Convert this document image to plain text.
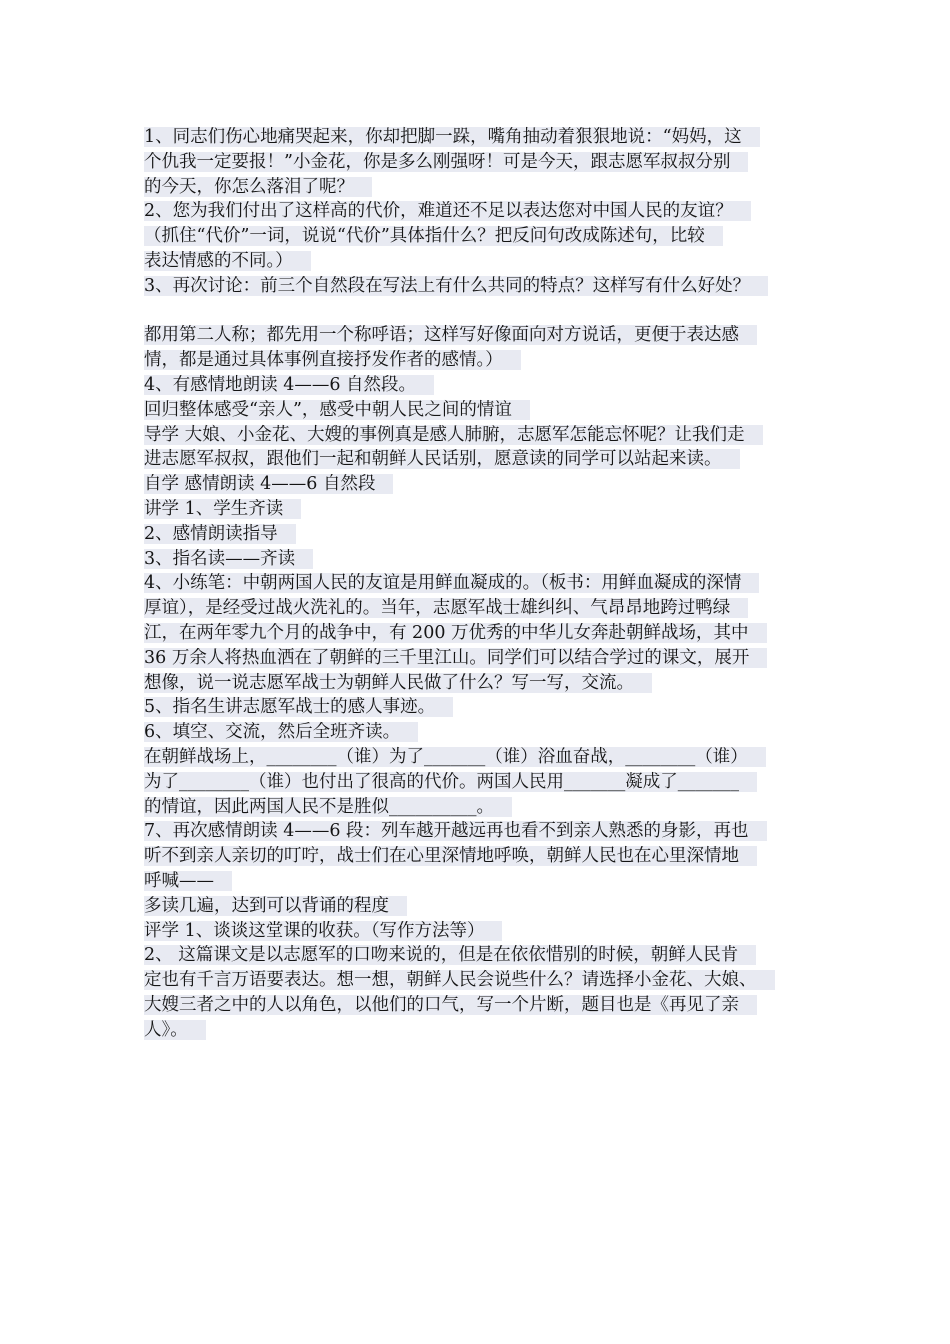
1、同志们伤心地痛哭起来，你却把脚一跺，嘴角抽动着狠狠地说：“妈妈，这
个仇我一定要报！”小金花，你是多么刚强呀！可是今天，跟志愿军叔叔分别
的今天，你怎么落泪了呢？
2、您为我们付出了这样高的代价，难道还不足以表达您对中国人民的友谊？
（抓住“代价”一词，说说“代价”具体指什么？把反问句改成陈述句，比较
表达情感的不同。）
3、再次讨论：前三个自然段在写法上有什么共同的特点？这样写有什么好处？
都用第二人称；都先用一个称呼语；这样写好像面向对方说话，更便于表达感
情，都是通过具体事例直接抒发作者的感情。）
4、有感情地朗读 4——6 自然段。
回归整体感受“亲人”，感受中朝人民之间的情谊
导学 大娘、小金花、大嫂的事例真是感人肺腑，志愿军怎能忘怀呢？让我们走
进志愿军叔叔，跟他们一起和朝鲜人民话别，愿意读的同学可以站起来读。
自学 感情朗读 4——6 自然段
讲学 1、学生齐读
2、感情朗读指导
3、指名读——齐读
4、小练笔：中朝两国人民的友谊是用鲜血凝成的。（板书：用鲜血凝成的深情
厚谊），是经受过战火洗礼的。当年，志愿军战士雄纠纠、气昂昂地跨过鸭绿
江，在两年零九个月的战争中，有 200 万优秀的中华儿女奔赴朝鲜战场，其中
36 万余人将热血洒在了朝鲜的三千里江山。同学们可以结合学过的课文，展开
想像，说一说志愿军战士为朝鲜人民做了什么？写一写，交流。
5、指名生讲志愿军战士的感人事迹。
6、填空、交流，然后全班齐读。
在朝鲜战场上，________（谁）为了_______（谁）浴血奋战，________（谁）
为了________（谁）也付出了很高的代价。两国人民用_______凝成了_______
的情谊，因此两国人民不是胜似__________。
7、再次感情朗读 4——6 段：列车越开越远再也看不到亲人熟悉的身影，再也
听不到亲人亲切的叮咛，战士们在心里深情地呼唤，朝鲜人民也在心里深情地
呼喊——
多读几遍，达到可以背诵的程度
评学 1、谈谈这堂课的收获。（写作方法等）
2、 这篇课文是以志愿军的口吻来说的，但是在依依惜别的时候，朝鲜人民肯
定也有千言万语要表达。想一想，朝鲜人民会说些什么？请选择小金花、大娘、
大嫂三者之中的人以角色，以他们的口气，写一个片断，题目也是《再见了亲
人》。
